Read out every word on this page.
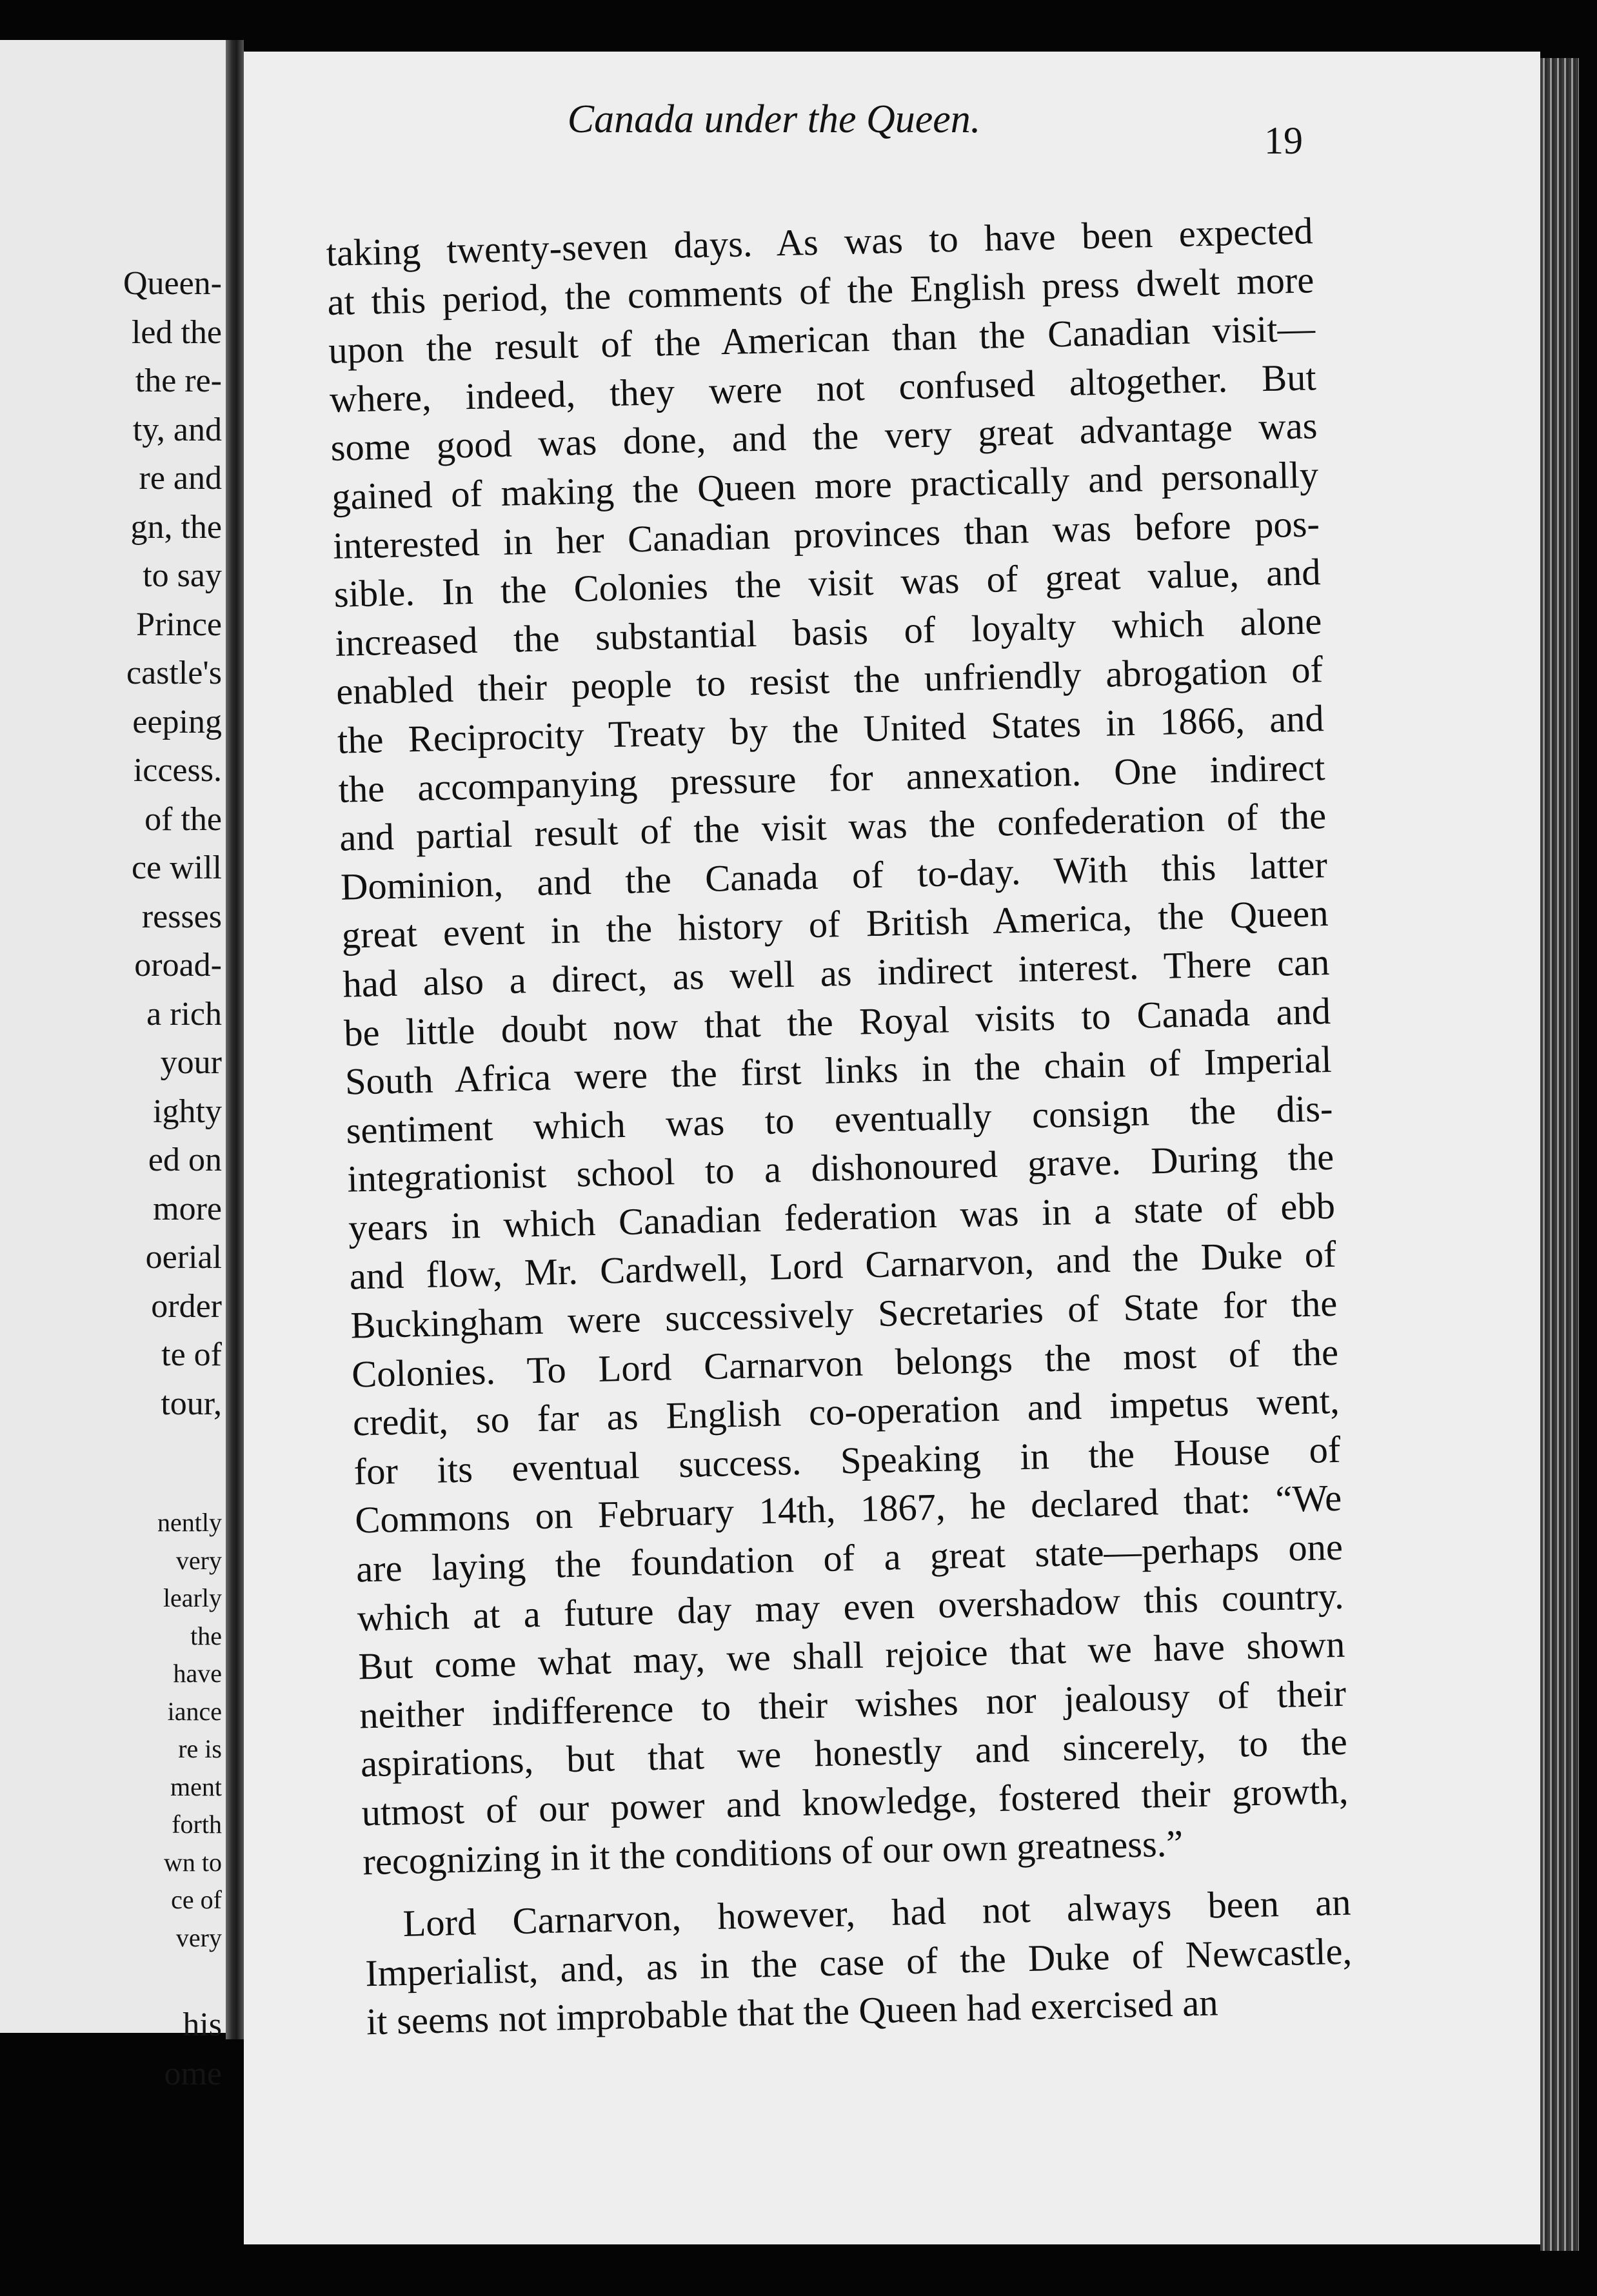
Queen-
led the
the re-
ty, and
re and
gn, the
to say
Prince
castle's
eeping
iccess.
of the
ce will
resses
oroad-
a rich
your
ighty
ed on
more
oerial
order
te of
tour,
nently
very
learly
the
have
iance
re is
ment
forth
wn to
ce of
very
his
ome
Canada under the Queen.	19
taking twenty-seven days. As was to have been expected
at this period, the comments of the English press dwelt more
upon the result of the American than the Canadian visit—
where, indeed, they were not confused altogether. But
some good was done, and the very great advantage was
gained of making the Queen more practically and personally
interested in her Canadian provinces than was before pos-
sible. In the Colonies the visit was of great value, and
increased the substantial basis of loyalty which alone
enabled their people to resist the unfriendly abrogation of
the Reciprocity Treaty by the United States in 1866, and
the accompanying pressure for annexation. One indirect
and partial result of the visit was the confederation of the
Dominion, and the Canada of to-day. With this latter
great event in the history of British America, the Queen
had also a direct, as well as indirect interest. There can
be little doubt now that the Royal visits to Canada and
South Africa were the first links in the chain of Imperial
sentiment which was to eventually consign the dis-
integrationist school to a dishonoured grave. During the
years in which Canadian federation was in a state of ebb
and flow, Mr. Cardwell, Lord Carnarvon, and the Duke of
Buckingham were successively Secretaries of State for the
Colonies. To Lord Carnarvon belongs the most of the
credit, so far as English co-operation and impetus went,
for its eventual success. Speaking in the House of
Commons on February 14th, 1867, he declared that: “We
are laying the foundation of a great state—perhaps one
which at a future day may even overshadow this country.
But come what may, we shall rejoice that we have shown
neither indifference to their wishes nor jealousy of their
aspirations, but that we honestly and sincerely, to the
utmost of our power and knowledge, fostered their growth,
recognizing in it the conditions of our own greatness.”
Lord Carnarvon, however, had not always been an
Imperialist, and, as in the case of the Duke of Newcastle,
it seems not improbable that the Queen had exercised an
